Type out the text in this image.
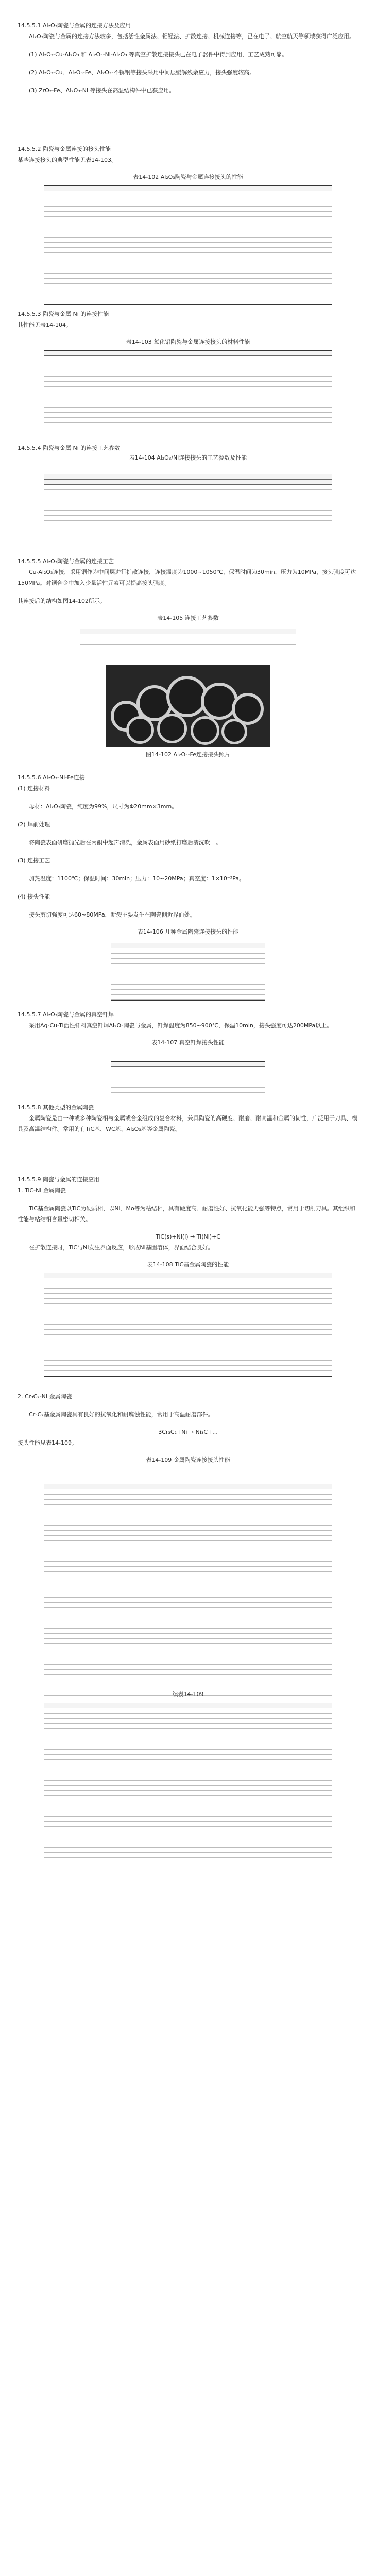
14.5.5.1 Al₂O₃陶瓷与金属的连接方法及应用

Al₂O₃陶瓷与金属的连接方法较多，包括活性金属法、钼锰法、扩散连接、机械连接等，已在电子、航空航天等领域获得广泛应用。

(1) Al₂O₃-Cu-Al₂O₃ 和 Al₂O₃-Ni-Al₂O₃ 等真空扩散连接接头已在电子器件中得到应用，工艺成熟可靠。

(2) Al₂O₃-Cu、Al₂O₃-Fe、Al₂O₃-不锈钢等接头采用中间层缓解残余应力，接头强度较高。

(3) ZrO₂-Fe、Al₂O₃-Ni 等接头在高温结构件中已获应用。

14.5.5.2 陶瓷与金属连接的接头性能

某些连接接头的典型性能见表14-103。

表14-102 Al₂O₃陶瓷与金属连接接头的性能

14.5.5.3 陶瓷与金属 Ni 的连接性能

其性能见表14-104。

表14-103 氧化铝陶瓷与金属连接接头的材料性能

14.5.5.4 陶瓷与金属 Ni 的连接工艺参数

表14-104 Al₂O₃/Ni连接接头的工艺参数及性能

14.5.5.5 Al₂O₃陶瓷与金属的连接工艺

Cu-Al₂O₃连接，采用铜作为中间层进行扩散连接，连接温度为1000~1050℃，保温时间为30min，压力为10MPa，接头强度可达150MPa。对铜合金中加入少量活性元素可以提高接头强度。

其连接后的结构如图14-102所示。

表14-105 连接工艺参数

图14-102 Al₂O₃-Fe连接接头照片

14.5.5.6 Al₂O₃-Ni-Fe连接

(1) 连接材料

母材：Al₂O₃陶瓷，纯度为99%，尺寸为Φ20mm×3mm。

(2) 焊前处理

将陶瓷表面研磨抛光后在丙酮中超声清洗，金属表面用砂纸打磨后清洗吹干。

(3) 连接工艺

加热温度：1100℃；保温时间：30min；压力：10~20MPa；真空度：1×10⁻³Pa。

(4) 接头性能

接头剪切强度可达60~80MPa，断裂主要发生在陶瓷侧近界面处。

表14-106 几种金属陶瓷连接接头的性能

14.5.5.7 Al₂O₃陶瓷与金属的真空钎焊

采用Ag-Cu-Ti活性钎料真空钎焊Al₂O₃陶瓷与金属，钎焊温度为850~900℃，保温10min，接头强度可达200MPa以上。

表14-107 真空钎焊接头性能

14.5.5.8 其他类型的金属陶瓷

金属陶瓷是由一种或多种陶瓷相与金属或合金组成的复合材料，兼具陶瓷的高硬度、耐磨、耐高温和金属的韧性，广泛用于刀具、模具及高温结构件。常用的有TiC基、WC基、Al₂O₃基等金属陶瓷。

14.5.5.9 陶瓷与金属的连接应用

1. TiC-Ni 金属陶瓷

TiC基金属陶瓷以TiC为硬质相，以Ni、Mo等为粘结相，具有硬度高、耐磨性好、抗氧化能力强等特点，常用于切削刀具。其组织和性能与粘结相含量密切相关。

TiC(s)+Ni(l) → Ti(Ni)+C

在扩散连接时，TiC与Ni发生界面反应，形成Ni基固溶体，界面结合良好。

表14-108 TiC基金属陶瓷的性能

2. Cr₃C₂-Ni 金属陶瓷

Cr₃C₂基金属陶瓷具有良好的抗氧化和耐腐蚀性能，常用于高温耐磨部件。

3Cr₃C₂+Ni → Ni₃C+...

接头性能见表14-109。

表14-109 金属陶瓷连接接头性能

续表14-109
